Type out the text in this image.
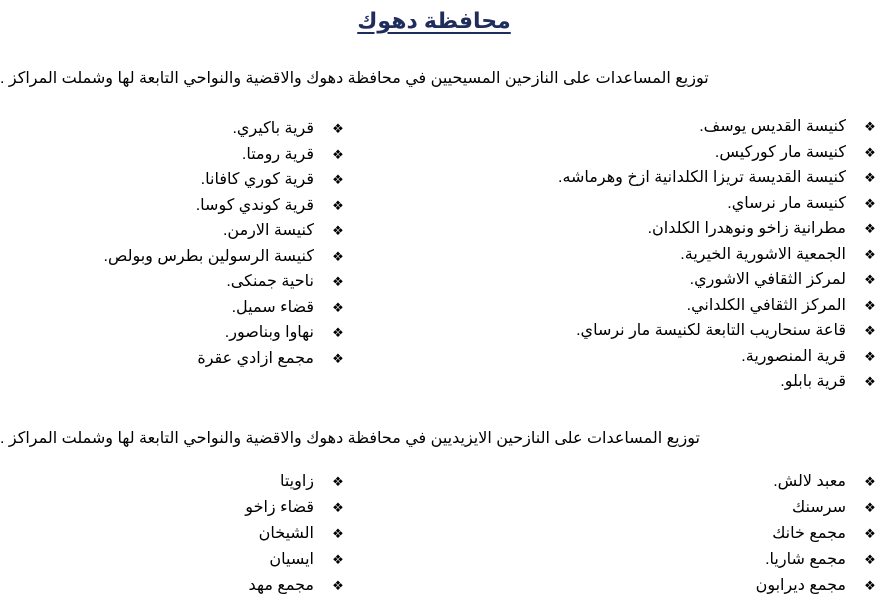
محافظة دهوك
توزيع المساعدات على النازحين المسيحيين في محافظة دهوك والاقضية والنواحي التابعة لها وشملت المراكز .
❖
كنيسة القديس يوسف.
❖
كنيسة مار كوركيس.
❖
كنيسة القديسة تريزا الكلدانية ازخ وهرماشه.
❖
كنيسة مار نرساي.
❖
مطرانية زاخو ونوهدرا الكلدان.
❖
الجمعية الاشورية الخيرية.
❖
لمركز الثقافي الاشوري.
❖
المركز الثقافي الكلداني.
❖
قاعة سنحاريب التابعة لكنيسة مار نرساي.
❖
قرية المنصورية.
❖
قرية بابلو.
❖
قرية باكيري.
❖
قرية رومتا.
❖
قرية كوري كافانا.
❖
قرية كوندي كوسا.
❖
كنيسة الارمن.
❖
كنيسة الرسولين بطرس وبولص.
❖
ناحية جمنكى.
❖
قضاء سميل.
❖
نهاوا وبناصور.
❖
مجمع ازادي عقرة
توزيع المساعدات على النازحين الايزيديين في محافظة دهوك والاقضية والنواحي التابعة لها وشملت المراكز .
❖
معبد لالش.
❖
سرسنك
❖
مجمع خانك
❖
مجمع شاريا.
❖
مجمع ديرابون
❖
زاويتا
❖
قضاء زاخو
❖
الشيخان
❖
ايسيان
❖
مجمع مهد
